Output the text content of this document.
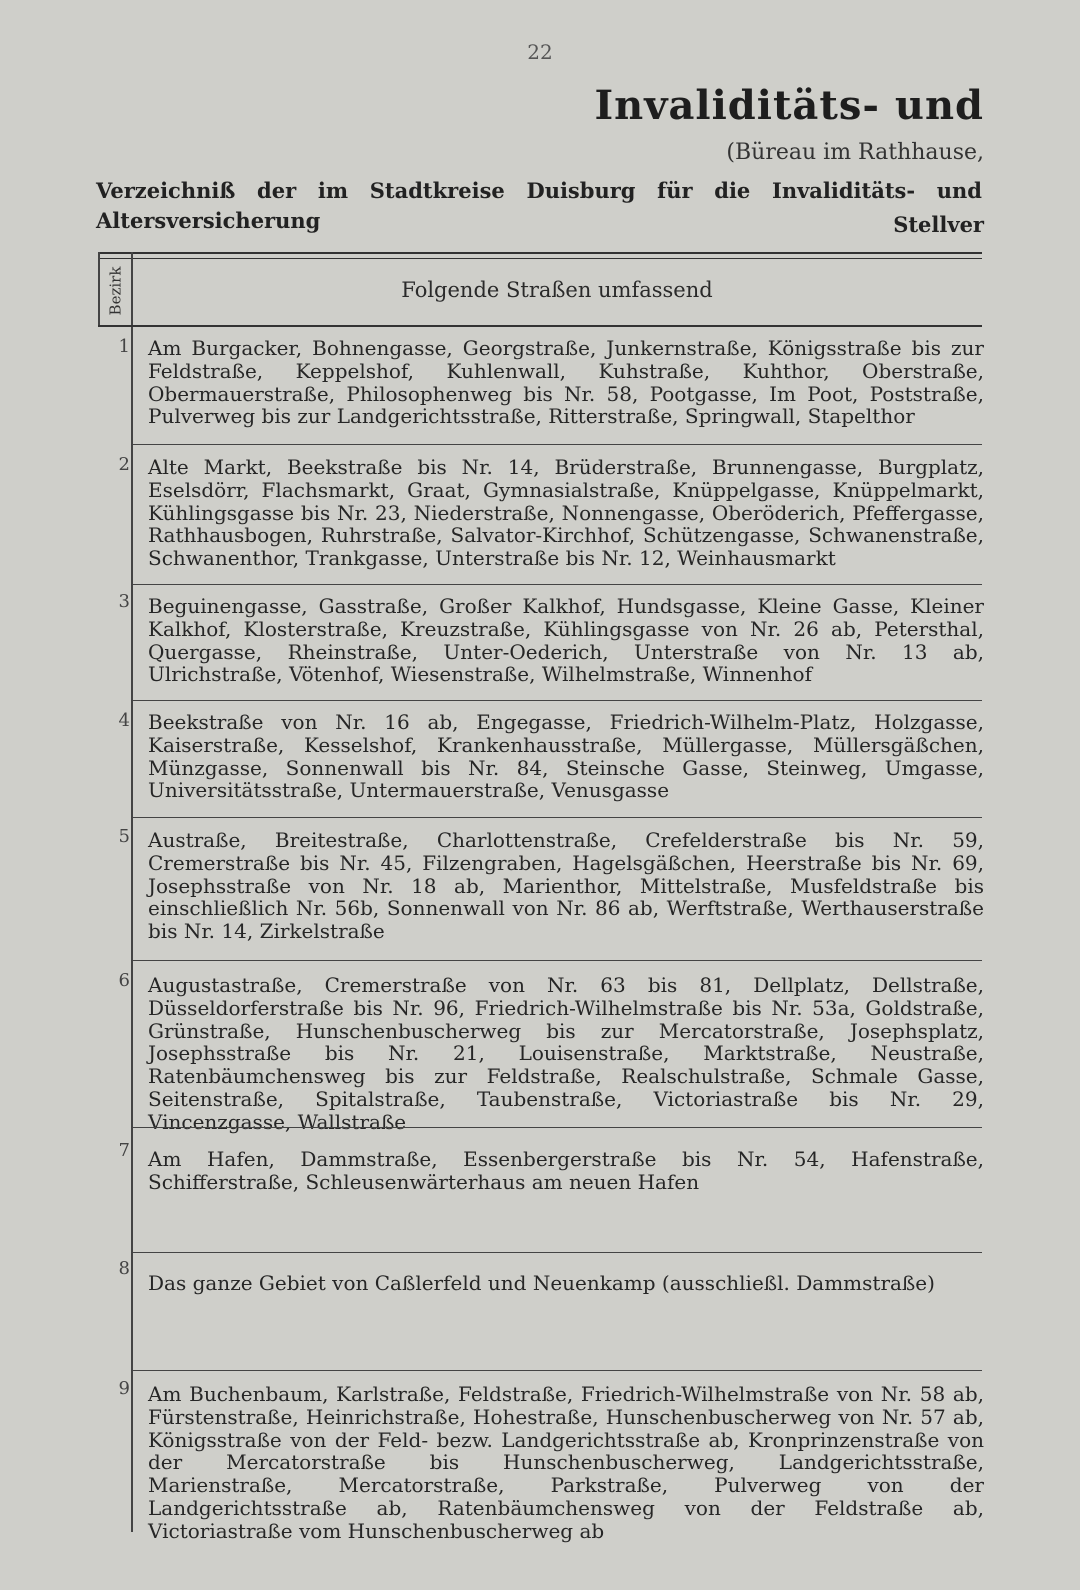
22
Invaliditäts- und
(Büreau im Rathhause,
Verzeichniß der im Stadtkreise Duisburg für die Invaliditäts- und Altersversicherung	Stellver
Bezirk	Folgende Straßen umfassend
1 Am Burgacker, Bohnengasse, Georgstraße, Junkernstraße, Königsstraße bis zur Feldstraße, Keppelshof, Kuhlenwall, Kuhstraße, Kuhthor, Oberstraße, Obermauerstraße, Philosophenweg bis Nr. 58, Pootgasse, Im Poot, Poststraße, Pulverweg bis zur Landgerichtsstraße, Ritterstraße, Springwall, Stapelthor
2 Alte Markt, Beekstraße bis Nr. 14, Brüderstraße, Brunnengasse, Burgplatz, Eselsdörr, Flachsmarkt, Graat, Gymnasialstraße, Knüppelgasse, Knüppelmarkt, Kühlingsgasse bis Nr. 23, Niederstraße, Nonnengasse, Oberöderich, Pfeffergasse, Rathhausbogen, Ruhrstraße, Salvator-Kirchhof, Schützengasse, Schwanenstraße, Schwanenthor, Trankgasse, Unterstraße bis Nr. 12, Weinhausmarkt
3 Beguinengasse, Gasstraße, Großer Kalkhof, Hundsgasse, Kleine Gasse, Kleiner Kalkhof, Klosterstraße, Kreuzstraße, Kühlingsgasse von Nr. 26 ab, Petersthal, Quergasse, Rheinstraße, Unter-Oederich, Unterstraße von Nr. 13 ab, Ulrichstraße, Vötenhof, Wiesenstraße, Wilhelmstraße, Winnenhof
4 Beekstraße von Nr. 16 ab, Engegasse, Friedrich-Wilhelm-Platz, Holzgasse, Kaiserstraße, Kesselshof, Krankenhausstraße, Müllergasse, Müllersgäßchen, Münzgasse, Sonnenwall bis Nr. 84, Steinsche Gasse, Steinweg, Umgasse, Universitätsstraße, Untermauerstraße, Venusgasse
5 Austraße, Breitestraße, Charlottenstraße, Crefelderstraße bis Nr. 59, Cremerstraße bis Nr. 45, Filzengraben, Hagelsgäßchen, Heerstraße bis Nr. 69, Josephsstraße von Nr. 18 ab, Marienthor, Mittelstraße, Musfeldstraße bis einschließlich Nr. 56b, Sonnenwall von Nr. 86 ab, Werftstraße, Werthauserstraße bis Nr. 14, Zirkelstraße
6 Augustastraße, Cremerstraße von Nr. 63 bis 81, Dellplatz, Dellstraße, Düsseldorferstraße bis Nr. 96, Friedrich-Wilhelmstraße bis Nr. 53a, Goldstraße, Grünstraße, Hunschenbuscherweg bis zur Mercatorstraße, Josephsplatz, Josephsstraße bis Nr. 21, Louisenstraße, Marktstraße, Neustraße, Ratenbäumchensweg bis zur Feldstraße, Realschulstraße, Schmale Gasse, Seitenstraße, Spitalstraße, Taubenstraße, Victoriastraße bis Nr. 29, Vincenzgasse, Wallstraße
7 Am Hafen, Dammstraße, Essenbergerstraße bis Nr. 54, Hafenstraße, Schifferstraße, Schleusenwärterhaus am neuen Hafen
8
Das ganze Gebiet von Caßlerfeld und Neuenkamp (ausschließl. Dammstraße)
9 Am Buchenbaum, Karlstraße, Feldstraße, Friedrich-Wilhelmstraße von Nr. 58 ab, Fürstenstraße, Heinrichstraße, Hohestraße, Hunschenbuscherweg von Nr. 57 ab, Königsstraße von der Feld- bezw. Landgerichtsstraße ab, Kronprinzenstraße von der Mercatorstraße bis Hunschenbuscherweg, Landgerichtsstraße, Marienstraße, Mercatorstraße, Parkstraße, Pulverweg von der Landgerichtsstraße ab, Ratenbäumchensweg von der Feldstraße ab, Victoriastraße vom Hunschenbuscherweg ab
